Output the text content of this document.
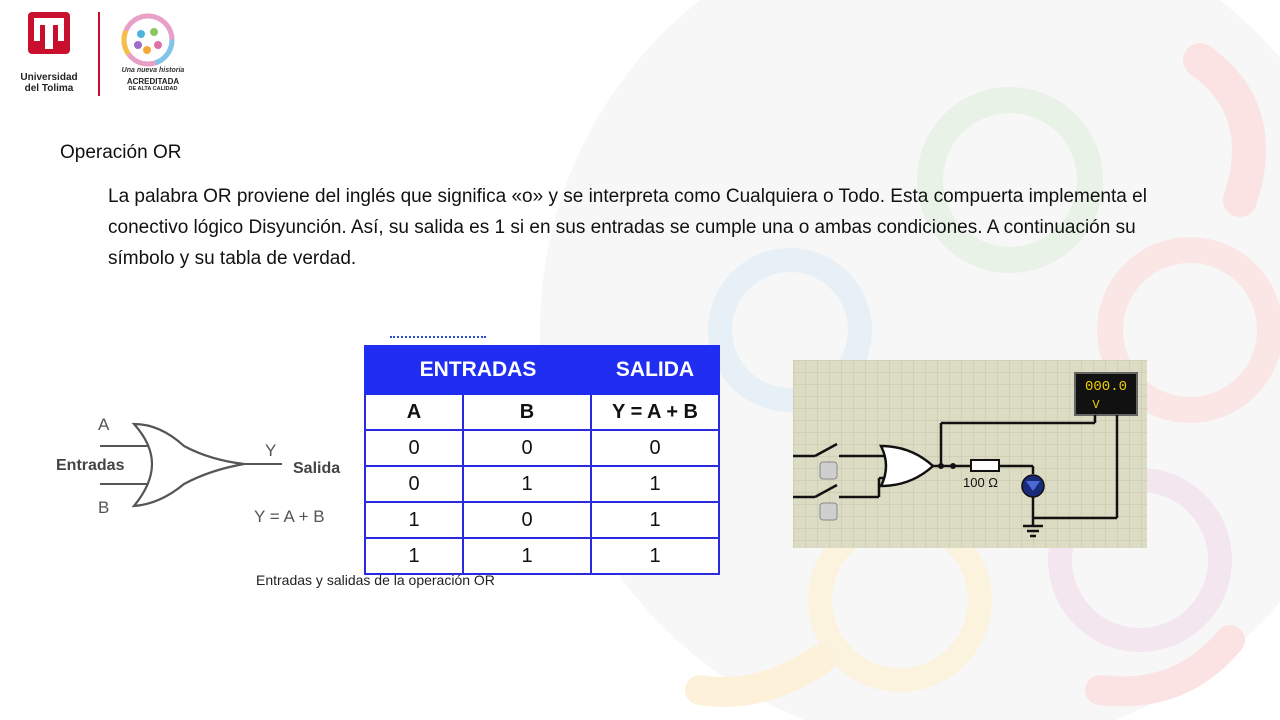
Universidad
del Tolima
Una nueva historia
ACREDITADA
DE ALTA CALIDAD
Operación OR
La palabra OR proviene del inglés que significa «o» y se interpreta como Cualquiera o Todo. Esta compuerta implementa el conectivo lógico Disyunción. Así, su salida es 1 si en sus entradas se cumple una o ambas condiciones. A continuación su símbolo y su tabla de verdad.
A
B
Entradas
Y
Salida
Y = A + B
ENTRADAS		SALIDA
A	B	Y = A + B
0	0	0
0	1	1
1	0	1
1	1	1
Entradas y salidas de la operación OR
000.0
V
100 Ω
